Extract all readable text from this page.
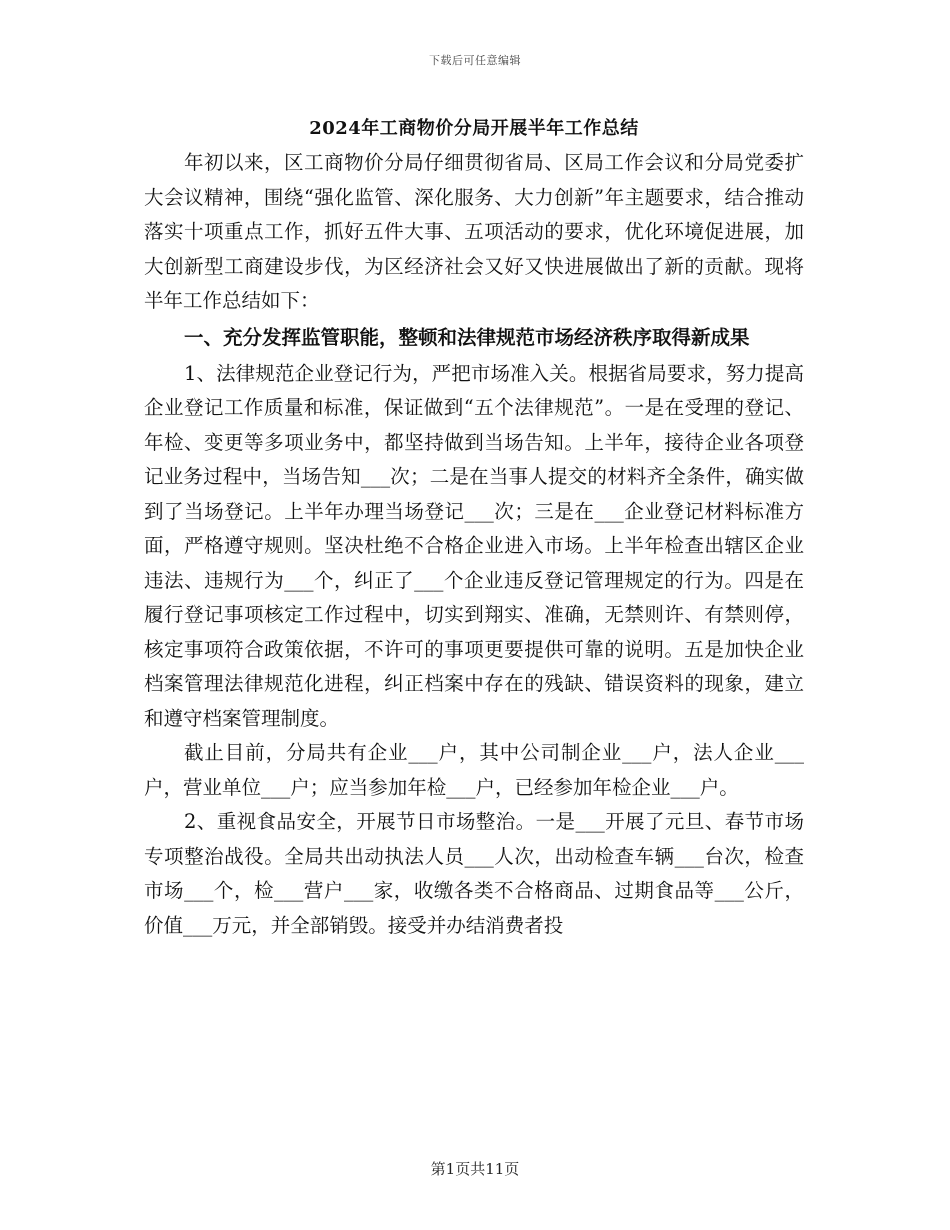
下载后可任意编辑
2024年工商物价分局开展半年工作总结

年初以来，区工商物价分局仔细贯彻省局、区局工作会议和分局党委扩大会议精神，围绕“强化监管、深化服务、大力创新”年主题要求，结合推动落实十项重点工作，抓好五件大事、五项活动的要求，优化环境促进展，加大创新型工商建设步伐，为区经济社会又好又快进展做出了新的贡献。现将半年工作总结如下：

一、充分发挥监管职能，整顿和法律规范市场经济秩序取得新成果

1、法律规范企业登记行为，严把市场准入关。根据省局要求，努力提高企业登记工作质量和标准，保证做到“五个法律规范”。一是在受理的登记、年检、变更等多项业务中，都坚持做到当场告知。上半年，接待企业各项登记业务过程中，当场告知___次；二是在当事人提交的材料齐全条件，确实做到了当场登记。上半年办理当场登记___次；三是在___企业登记材料标准方面，严格遵守规则。坚决杜绝不合格企业进入市场。上半年检查出辖区企业违法、违规行为___个，纠正了___个企业违反登记管理规定的行为。四是在履行登记事项核定工作过程中，切实到翔实、准确，无禁则许、有禁则停，核定事项符合政策依据，不许可的事项更要提供可靠的说明。五是加快企业档案管理法律规范化进程，纠正档案中存在的残缺、错误资料的现象，建立和遵守档案管理制度。

截止目前，分局共有企业___户，其中公司制企业___户，法人企业___户，营业单位___户；应当参加年检___户，已经参加年检企业___户。

2、重视食品安全，开展节日市场整治。一是___开展了元旦、春节市场专项整治战役。全局共出动执法人员___人次，出动检查车辆___台次，检查市场___个，检___营户___家，收缴各类不合格商品、过期食品等___公斤，价值___万元，并全部销毁。接受并办结消费者投

第1页共11页
